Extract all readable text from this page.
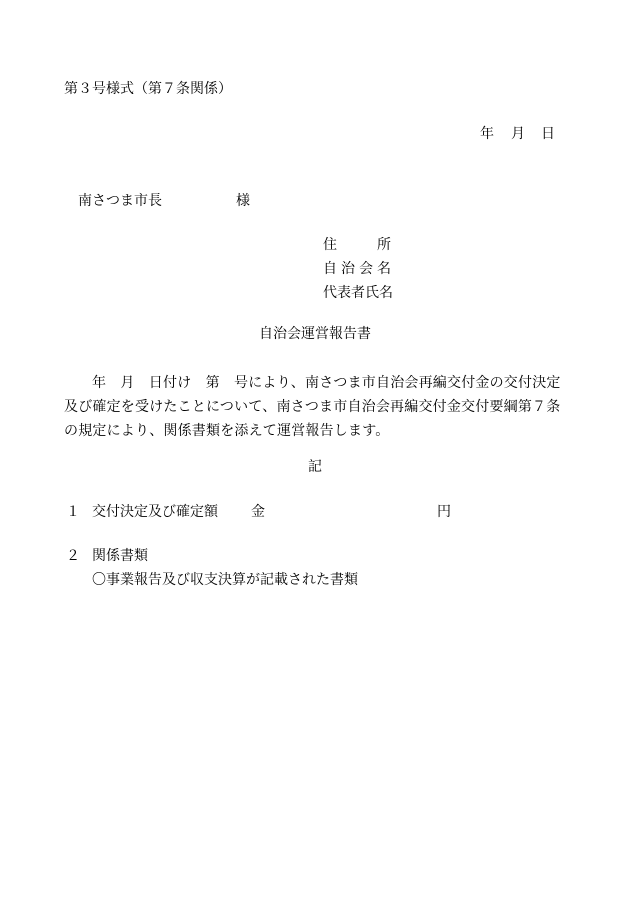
第３号様式（第７条関係）
年 月 日
南さつま市長	様
住所
自治会名
代表者氏名
自治会運営報告書
年　月　日付け　第　号により、南さつま市自治会再編交付金の交付決定及び確定を受けたことについて、南さつま市自治会再編交付金交付要綱第７条の規定により、関係書類を添えて運営報告します。
記
１ 交付決定及び確定額 金	円
２ 関係書類
〇事業報告及び収支決算が記載された書類
